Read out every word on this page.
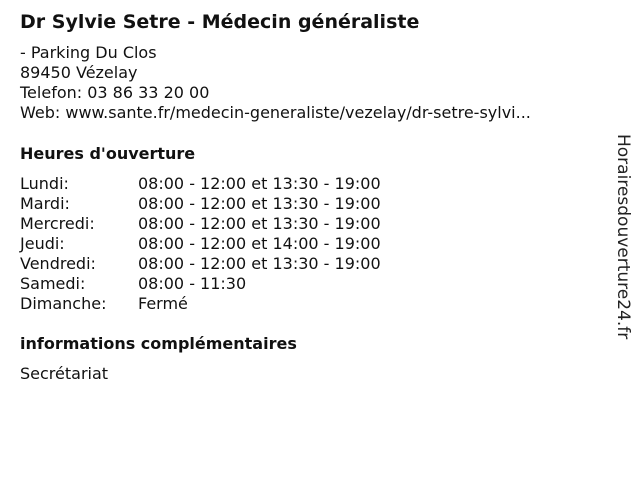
Dr Sylvie Setre - Médecin généraliste
- Parking Du Clos
89450 Vézelay
Telefon: 03 86 33 20 00
Web: www.sante.fr/medecin-generaliste/vezelay/dr-setre-sylvi...
Heures d'ouverture
Lundi:	08:00 - 12:00 et 13:30 - 19:00
Mardi:	08:00 - 12:00 et 13:30 - 19:00
Mercredi:	08:00 - 12:00 et 13:30 - 19:00
Jeudi:	08:00 - 12:00 et 14:00 - 19:00
Vendredi:	08:00 - 12:00 et 13:30 - 19:00
Samedi:	08:00 - 11:30
Dimanche: Fermé
informations complémentaires
Secrétariat
Horairesdouverture24.fr
